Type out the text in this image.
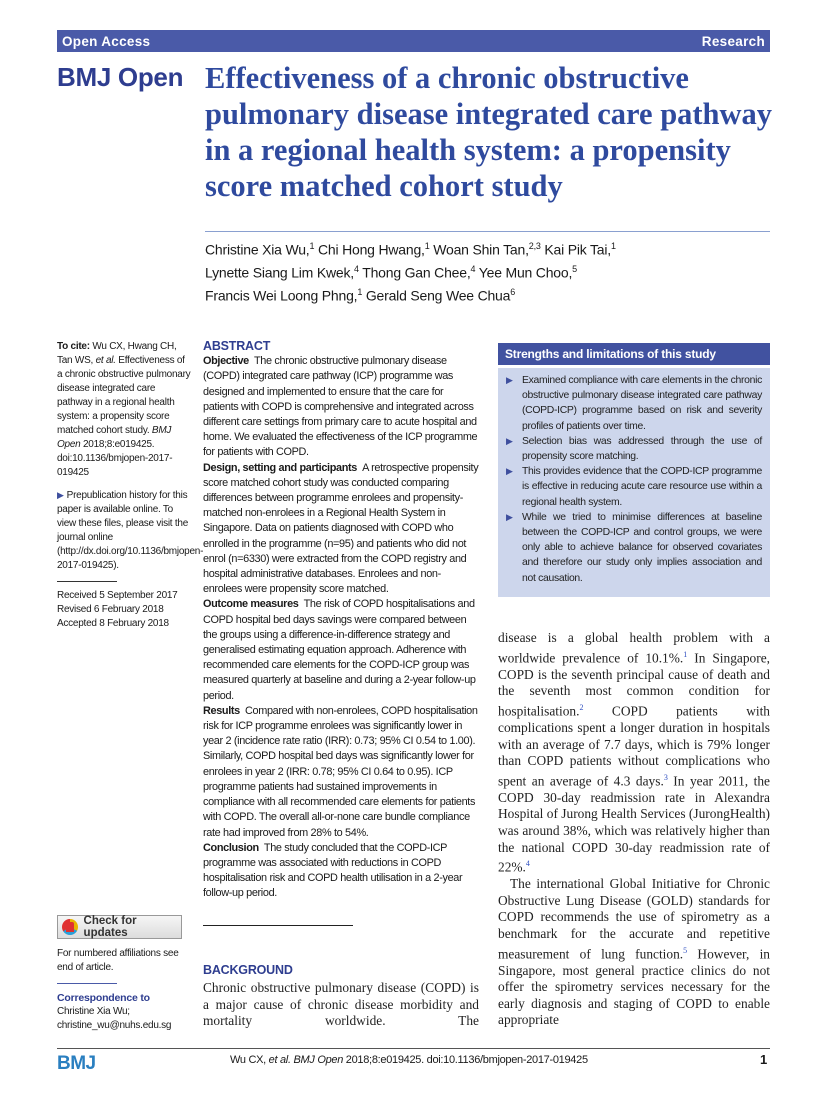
Open Access	Research
BMJ Open Effectiveness of a chronic obstructive pulmonary disease integrated care pathway in a regional health system: a propensity score matched cohort study
Christine Xia Wu,$^1$ Chi Hong Hwang,$^1$ Woan Shin Tan,$^{2,3}$ Kai Pik Tai,$^1$
Lynette Siang Lim Kwek,$^4$ Thong Gan Chee,$^4$ Yee Mun Choo,$^5$
Francis Wei Loong Phng,$^1$ Gerald Seng Wee Chua$^6$
To cite: Wu CX, Hwang CH, Tan WS, et al. Effectiveness of a chronic obstructive pulmonary disease integrated care pathway in a regional health system: a propensity score matched cohort study. BMJ Open 2018;8:e019425. doi:10.1136/bmjopen-2017-019425
▶ Prepublication history for this paper is available online. To view these files, please visit the journal online (http://dx.doi.org/10.1136/bmjopen-2017-019425).
Received 5 September 2017
Revised 6 February 2018
Accepted 8 February 2018
Check for updates
For numbered affiliations see end of article.
Correspondence to
Christine Xia Wu;
christine_wu@nuhs.edu.sg
ABSTRACT
Objective  The chronic obstructive pulmonary disease (COPD) integrated care pathway (ICP) programme was designed and implemented to ensure that the care for patients with COPD is comprehensive and integrated across different care settings from primary care to acute hospital and home. We evaluated the effectiveness of the ICP programme for patients with COPD.
Design, setting and participants  A retrospective propensity score matched cohort study was conducted comparing differences between programme enrolees and propensity-matched non-enrolees in a Regional Health System in Singapore. Data on patients diagnosed with COPD who enrolled in the programme (n=95) and patients who did not enrol (n=6330) were extracted from the COPD registry and hospital administrative databases. Enrolees and non-enrolees were propensity score matched.
Outcome measures  The risk of COPD hospitalisations and COPD hospital bed days savings were compared between the groups using a difference-in-difference strategy and generalised estimating equation approach. Adherence with recommended care elements for the COPD-ICP group was measured quarterly at baseline and during a 2-year follow-up period.
Results  Compared with non-enrolees, COPD hospitalisation risk for ICP programme enrolees was significantly lower in year 2 (incidence rate ratio (IRR): 0.73; 95% CI 0.54 to 1.00). Similarly, COPD hospital bed days was significantly lower for enrolees in year 2 (IRR: 0.78; 95% CI 0.64 to 0.95). ICP programme patients had sustained improvements in compliance with all recommended care elements for patients with COPD. The overall all-or-none care bundle compliance rate had improved from 28% to 54%.
Conclusion  The study concluded that the COPD-ICP programme was associated with reductions in COPD hospitalisation risk and COPD health utilisation in a 2-year follow-up period.
Strengths and limitations of this study
▶ Examined compliance with care elements in the chronic obstructive pulmonary disease integrated care pathway (COPD-ICP) programme based on risk and severity profiles of patients over time.
▶ Selection bias was addressed through the use of propensity score matching.
▶ This provides evidence that the COPD-ICP programme is effective in reducing acute care resource use within a regional health system.
▶ While we tried to minimise differences at baseline between the COPD-ICP and control groups, we were only able to achieve balance for observed covariates and therefore our study only implies association and not causation.

disease is a global health problem with a worldwide prevalence of 10.1%.$^1$ In Singapore, COPD is the seventh principal cause of death and the seventh most common condition for hospitalisation.$^2$ COPD patients with complications spent a longer duration in hospitals with an average of 7.7 days, which is 79% longer than COPD patients without complications who spent an average of 4.3 days.$^3$ In year 2011, the COPD 30-day readmission rate in Alexandra Hospital of Jurong Health Services (JurongHealth) was around 38%, which was relatively higher than the national COPD 30-day readmission rate of 22%.$^4$

The international Global Initiative for Chronic Obstructive Lung Disease (GOLD) standards for COPD recommends the use of spirometry as a benchmark for the accurate and repetitive measurement of lung function.$^5$ However, in Singapore, most general practice clinics do not offer the spirometry services necessary for the early diagnosis and staging of COPD to enable appropriate

BACKGROUND

Chronic obstructive pulmonary disease (COPD) is a major cause of chronic disease morbidity and mortality worldwide. The

BMJ	Wu CX, et al. BMJ Open 2018;8:e019425. doi:10.1136/bmjopen-2017-019425	1
